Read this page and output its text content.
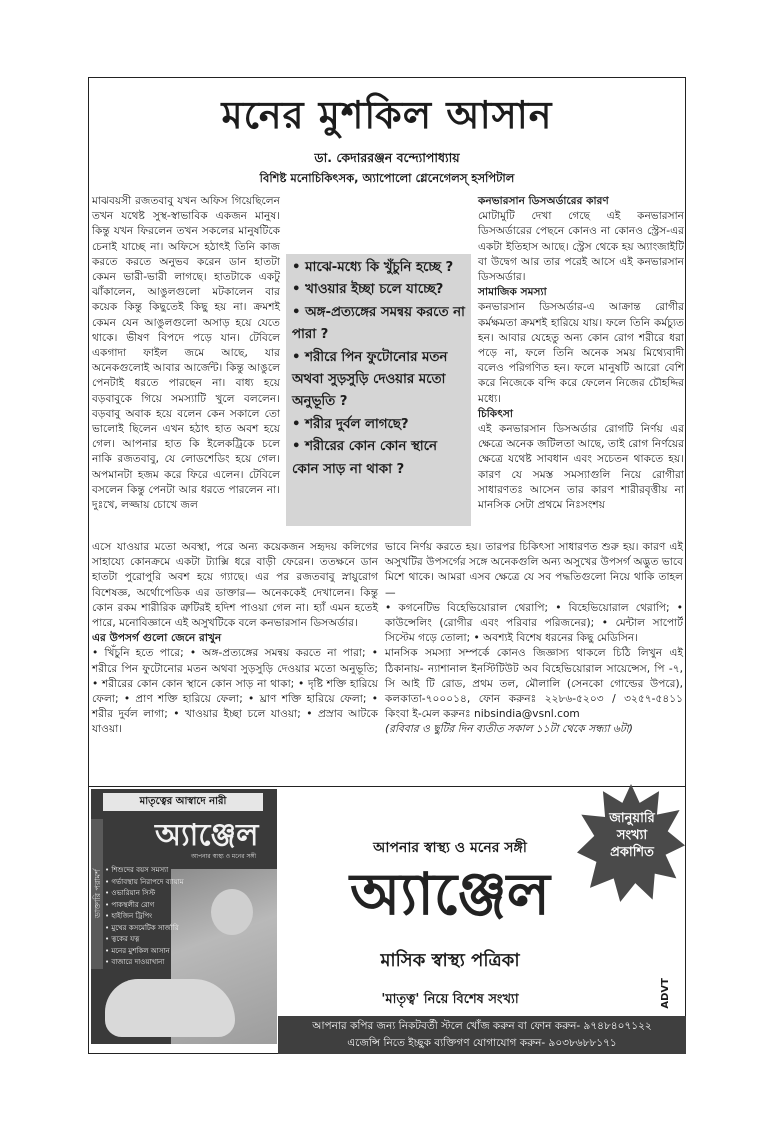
মনের মুশকিল আসান
ডা. কেদাররঞ্জন বন্দ্যোপাধ্যায়
বিশিষ্ট মনোচিকিৎসক, অ্যাপোলো গ্লেনেগেলস্ হসপিটাল

মাঝবয়সী রজতবাবু যখন অফিস গিয়েছিলেন তখন যথেষ্ট সুস্থ-স্বাভাবিক একজন মানুষ। কিন্তু যখন ফিরলেন তখন সকলের মানুষটিকে চেনাই যাচ্ছে না। অফিসে হঠাৎই তিনি কাজ করতে করতে অনুভব করেন ডান হাতটা কেমন ভারী-ভারী লাগছে। হাতটাকে একটু ঝাঁকালেন, আঙুলগুলো মটকালেন বার কয়েক কিন্তু কিছুতেই কিছু হয় না। ক্রমশই কেমন যেন আঙুলগুলো অসাড় হয়ে যেতে থাকে। ভীষণ বিপদে পড়ে যান। টেবিলে একগাদা ফাইল জমে আছে, যার অনেকগুলোই আবার আর্জেন্ট। কিন্তু আঙুলে পেনটাই ধরতে পারছেন না। বাধ্য হয়ে বড়বাবুকে গিয়ে সমস্যাটি খুলে বললেন। বড়বাবু অবাক হয়ে বলেন কেন সকালে তো ভালোই ছিলেন এখন হঠাৎ হাত অবশ হয়ে গেল। আপনার হাত কি ইলেকট্রিকে চলে নাকি রজতবাবু, যে লোডশেডিং হয়ে গেল। অপমানটা হজম করে ফিরে এলেন। টেবিলে বসলেন কিন্তু পেনটা আর ধরতে পারলেন না। দুঃখে, লজ্জায় চোখে জল

• মাঝে-মধ্যে কি খুঁচুনি হচ্ছে ?
• খাওয়ার ইচ্ছা চলে যাচ্ছে?
• অঙ্গ-প্রত্যঙ্গের সমন্বয় করতে না পারা ?
• শরীরে পিন ফুটোনোর মতন অথবা সুড়সুড়ি দেওয়ার মতো অনুভূতি ?
• শরীর দুর্বল লাগছে?
• শরীরের কোন কোন স্থানে কোন সাড় না থাকা ?

কনভারসান ডিসঅর্ডারের কারণ

মোটামুটি দেখা গেছে এই কনভারসান ডিসঅর্ডারের পেছনে কোনও না কোনও স্ট্রেস-এর একটা ইতিহাস আছে। স্ট্রেস থেকে হয় অ্যাংজাইটি বা উদ্বেগ আর তার পরেই আসে এই কনভারসান ডিসঅর্ডার।

সামাজিক সমস্যা

কনভারসান ডিসঅর্ডার-এ আক্রান্ত রোগীর কর্মক্ষমতা ক্রমশই হারিয়ে যায়। ফলে তিনি কর্মচ্যুত হন। আবার যেহেতু অন্য কোন রোগ শরীরে ধরা পড়ে না, ফলে তিনি অনেক সময় মিথ্যেবাদী বলেও পরিগণিত হন। ফলে মানুষটি আরো বেশি করে নিজেকে বন্দি করে ফেলেন নিজের চৌহদ্দির মধ্যে।

চিকিৎসা

এই কনভারসান ডিসঅর্ডার রোগটি নির্ণয় এর ক্ষেত্রে অনেক জটিলতা আছে, তাই রোগ নির্ণয়ের ক্ষেত্রে যথেষ্ট সাবধান এবং সচেতন থাকতে হয়। কারণ যে সমস্ত সমস্যাগুলি নিয়ে রোগীরা সাধারণতঃ আসেন তার কারণ শারীরবৃত্তীয় না মানসিক সেটা প্রথমে নিঃসংশয়

এসে যাওয়ার মতো অবস্থা, পরে অন্য কয়েকজন সহৃদয় কলিগের সাহায্যে কোনক্রমে একটা ট্যাক্সি ধরে বাড়ী ফেরেন। ততক্ষনে ডান হাতটা পুরোপুরি অবশ হয়ে গ্যাছে। এর পর রজতবাবু স্নায়ুরোগ বিশেষজ্ঞ, অর্থোপেডিক এর ডাক্তার— অনেককেই দেখালেন। কিন্তু কোন রকম শারীরিক ত্রুটিরই হদিশ পাওয়া গেল না। হ্যাঁ এমন হতেই পারে, মনোবিজ্ঞানে এই অসুখটিকে বলে কনভারসান ডিসঅর্ডার।

এর উপসর্গ গুলো জেনে রাখুন

• খিঁচুনি হতে পারে; • অঙ্গ-প্রত্যঙ্গের সমন্বয় করতে না পারা; • শরীরে পিন ফুটোনোর মতন অথবা সুড়সুড়ি দেওয়ার মতো অনুভূতি; • শরীরের কোন কোন স্থানে কোন সাড় না থাকা; • দৃষ্টি শক্তি হারিয়ে ফেলা; • প্রাণ শক্তি হারিয়ে ফেলা; • ঘ্রাণ শক্তি হারিয়ে ফেলা; • শরীর দুর্বল লাগা; • খাওয়ার ইচ্ছা চলে যাওয়া; • প্রস্রাব আটকে যাওয়া।

ভাবে নির্ণয় করতে হয়। তারপর চিকিৎসা সাধারণত শুরু হয়। কারণ এই অসুখটির উপসর্গের সঙ্গে অনেকগুলি অন্য অসুখের উপসর্গ অদ্ভুত ভাবে মিশে থাকে। আমরা এসব ক্ষেত্রে যে সব পদ্ধতিগুলো নিয়ে থাকি তাহল—

• কগনেটিভ বিহেভিয়োরাল থেরাপি; • বিহেভিয়োরাল থেরাপি; • কাউন্সেলিং (রোগীর এবং পরিবার পরিজনের); • মেন্টাল সাপোর্ট সিস্টেম গড়ে তোলা; • অবশ্যই বিশেষ ধরনের কিছু মেডিসিন।

মানসিক সমস্যা সম্পর্কে কোনও জিজ্ঞাস্য থাকলে চিঠি লিখুন এই ঠিকানায়- ন্যাশানাল ইনস্টিটিউট অব বিহেভিয়োরাল সায়েন্সেস, পি -৭, সি আই টি রোড, প্রথম তল, মৌলালি (সেনকো গোল্ডের উপরে), কলকাতা-৭০০০১৪, ফোন করুনঃ ২২৮৬-৫২০৩ / ৩২৫৭-৫৪১১ কিংবা ই-মেল করুনঃ nibsindia@vsnl.com

(রবিবার ও ছুটির দিন ব্যতীত সকাল ১১টা থেকে সন্ধ্যা ৬টা)

মাতৃত্বের আস্বাদে নারী
ডাক্তারি পরামর্শ
অ্যাঞ্জেল
আপনার স্বাস্থ্য ও মনের সঙ্গী
• শিশুদের বয়স সমস্যা
• গর্ভাবস্থায় নিরাপদে ব্যায়াম
• ওভারিয়ান সিস্ট
• পাকস্থলীর রোগ
• হাইজিন ট্রিপিং
• মুখের কসমেটিক সার্জারি
• ত্বকের যত্ন
• মনের মুশকিল আসান
• বাজারে দাওয়াখানা
জানুয়ারি
সংখ্যা
প্রকাশিত
আপনার স্বাস্থ্য ও মনের সঙ্গী
অ্যাঞ্জেল
মাসিক স্বাস্থ্য পত্রিকা
'মাতৃত্ব' নিয়ে বিশেষ সংখ্যা	ADVT
আপনার কপির জন্য নিকটবর্তী স্টলে খোঁজ করুন বা ফোন করুন- ৯৭৪৮৪০৭১২২
এজেন্সি নিতে ইচ্ছুক ব্যক্তিগণ যোগাযোগ করুন- ৯০৩৮৬৮৮১৭১
